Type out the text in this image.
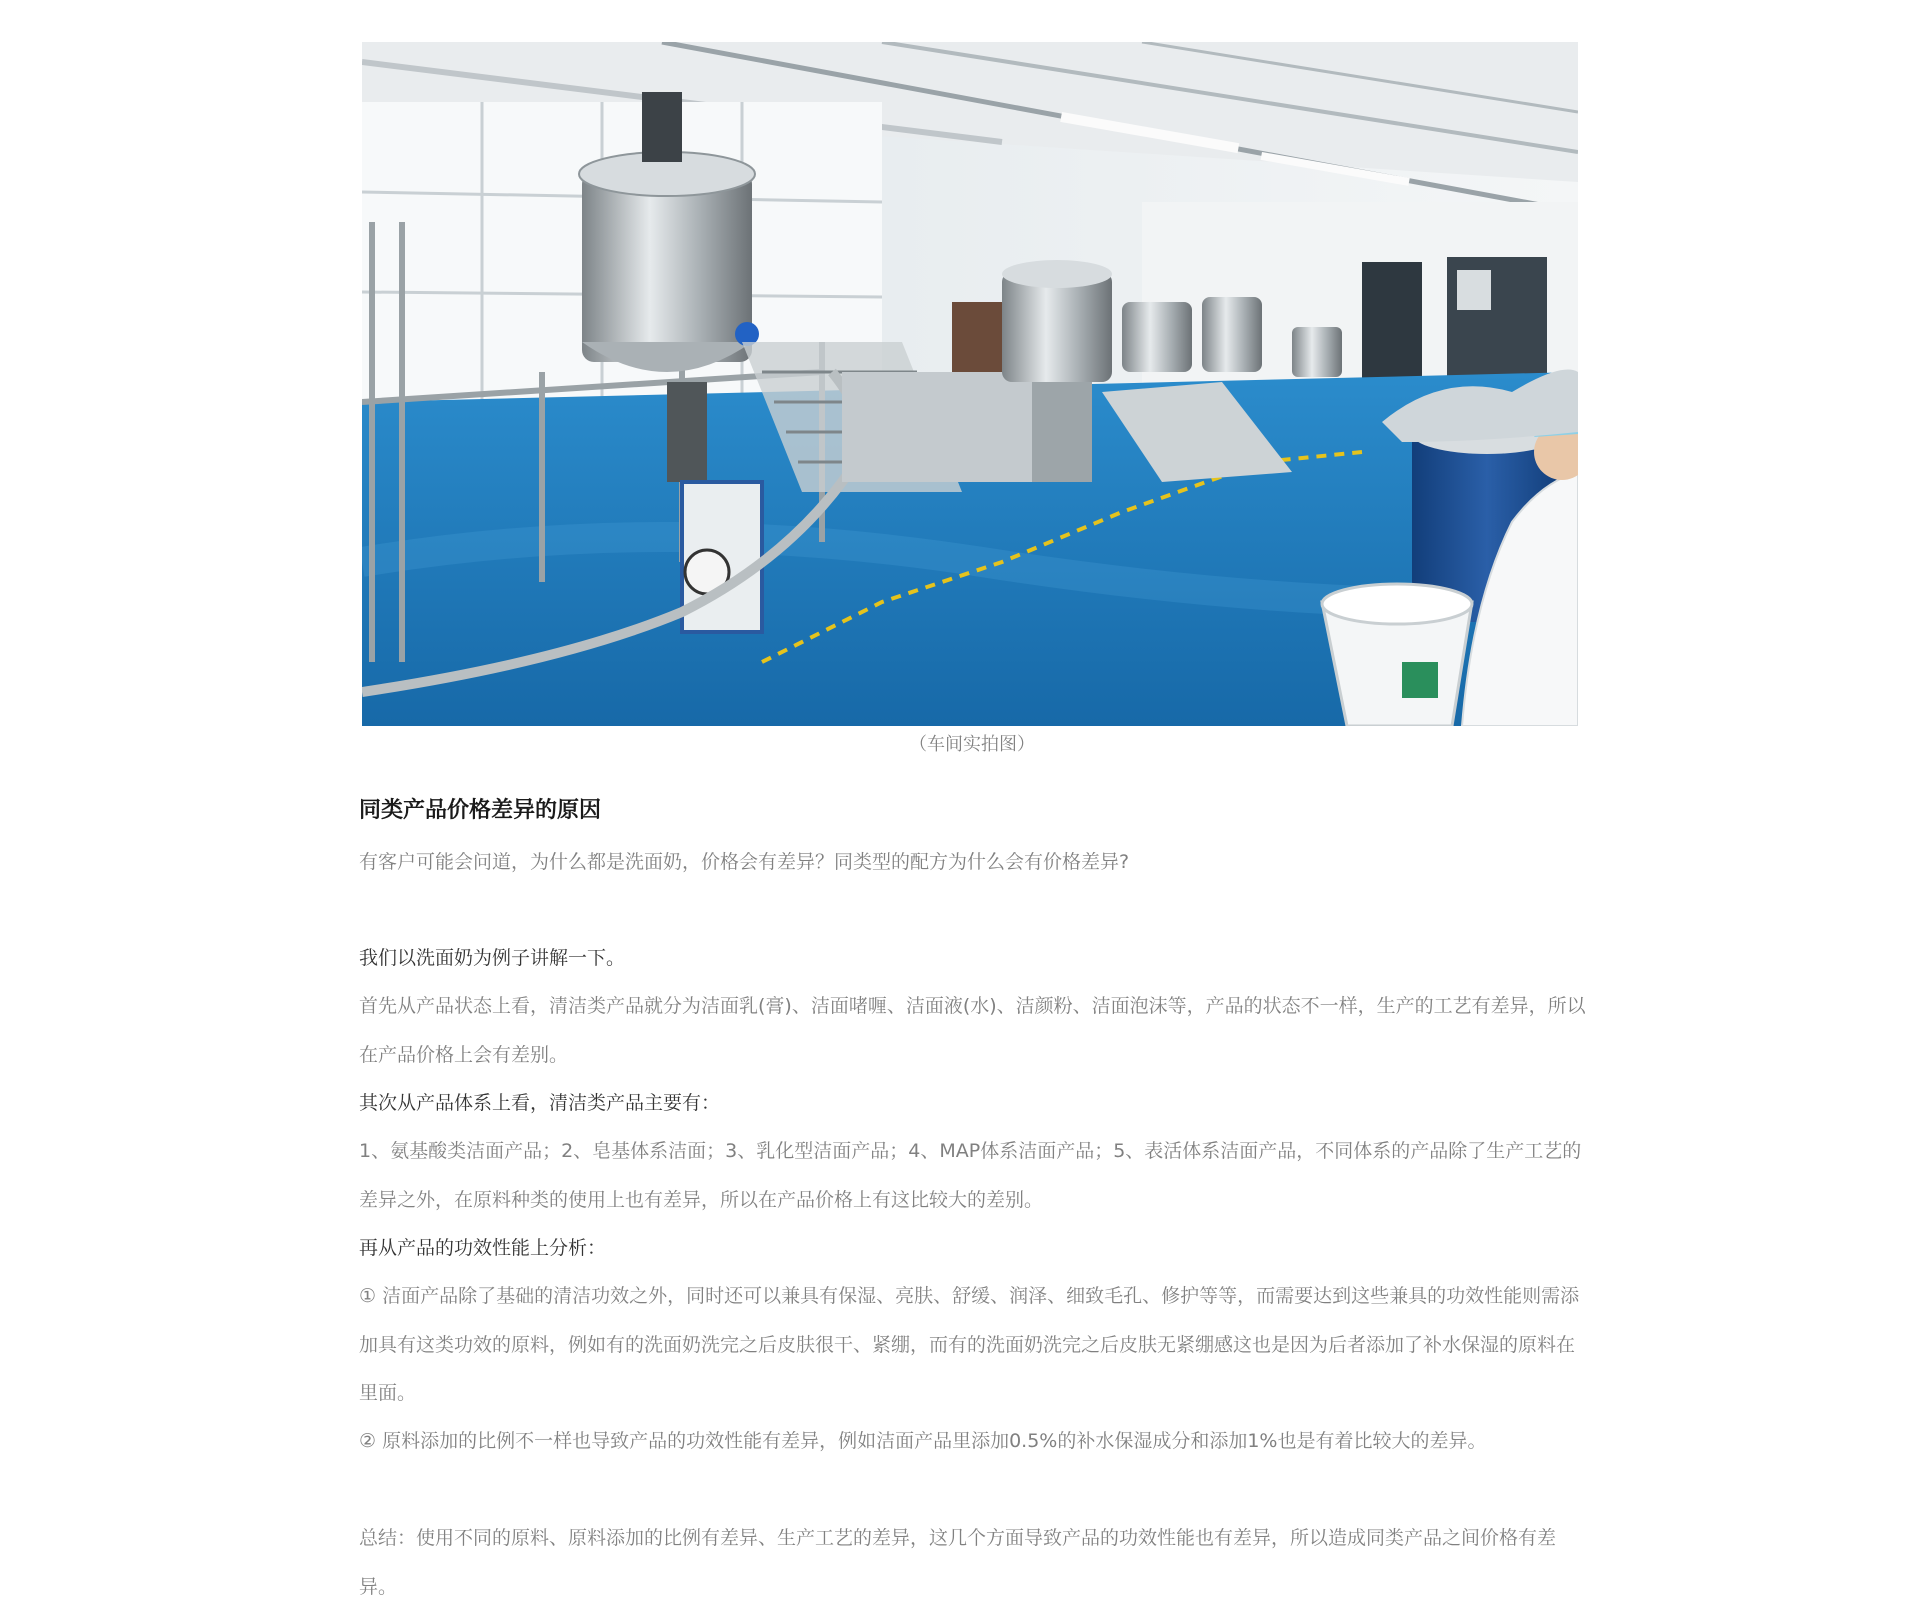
（车间实拍图）
同类产品价格差异的原因

有客户可能会问道，为什么都是洗面奶，价格会有差异？同类型的配方为什么会有价格差异?

我们以洗面奶为例子讲解一下。

首先从产品状态上看，清洁类产品就分为洁面乳(膏)、洁面啫喱、洁面液(水)、洁颜粉、洁面泡沫等，产品的状态不一样，生产的工艺有差异，所以在产品价格上会有差别。

其次从产品体系上看，清洁类产品主要有：

1、氨基酸类洁面产品；2、皂基体系洁面；3、乳化型洁面产品；4、MAP体系洁面产品；5、表活体系洁面产品，不同体系的产品除了生产工艺的差异之外，在原料种类的使用上也有差异，所以在产品价格上有这比较大的差别。

再从产品的功效性能上分析：

① 洁面产品除了基础的清洁功效之外，同时还可以兼具有保湿、亮肤、舒缓、润泽、细致毛孔、修护等等，而需要达到这些兼具的功效性能则需添加具有这类功效的原料，例如有的洗面奶洗完之后皮肤很干、紧绷，而有的洗面奶洗完之后皮肤无紧绷感这也是因为后者添加了补水保湿的原料在里面。

② 原料添加的比例不一样也导致产品的功效性能有差异，例如洁面产品里添加0.5%的补水保湿成分和添加1%也是有着比较大的差异。

总结：使用不同的原料、原料添加的比例有差异、生产工艺的差异，这几个方面导致产品的功效性能也有差异，所以造成同类产品之间价格有差异。
